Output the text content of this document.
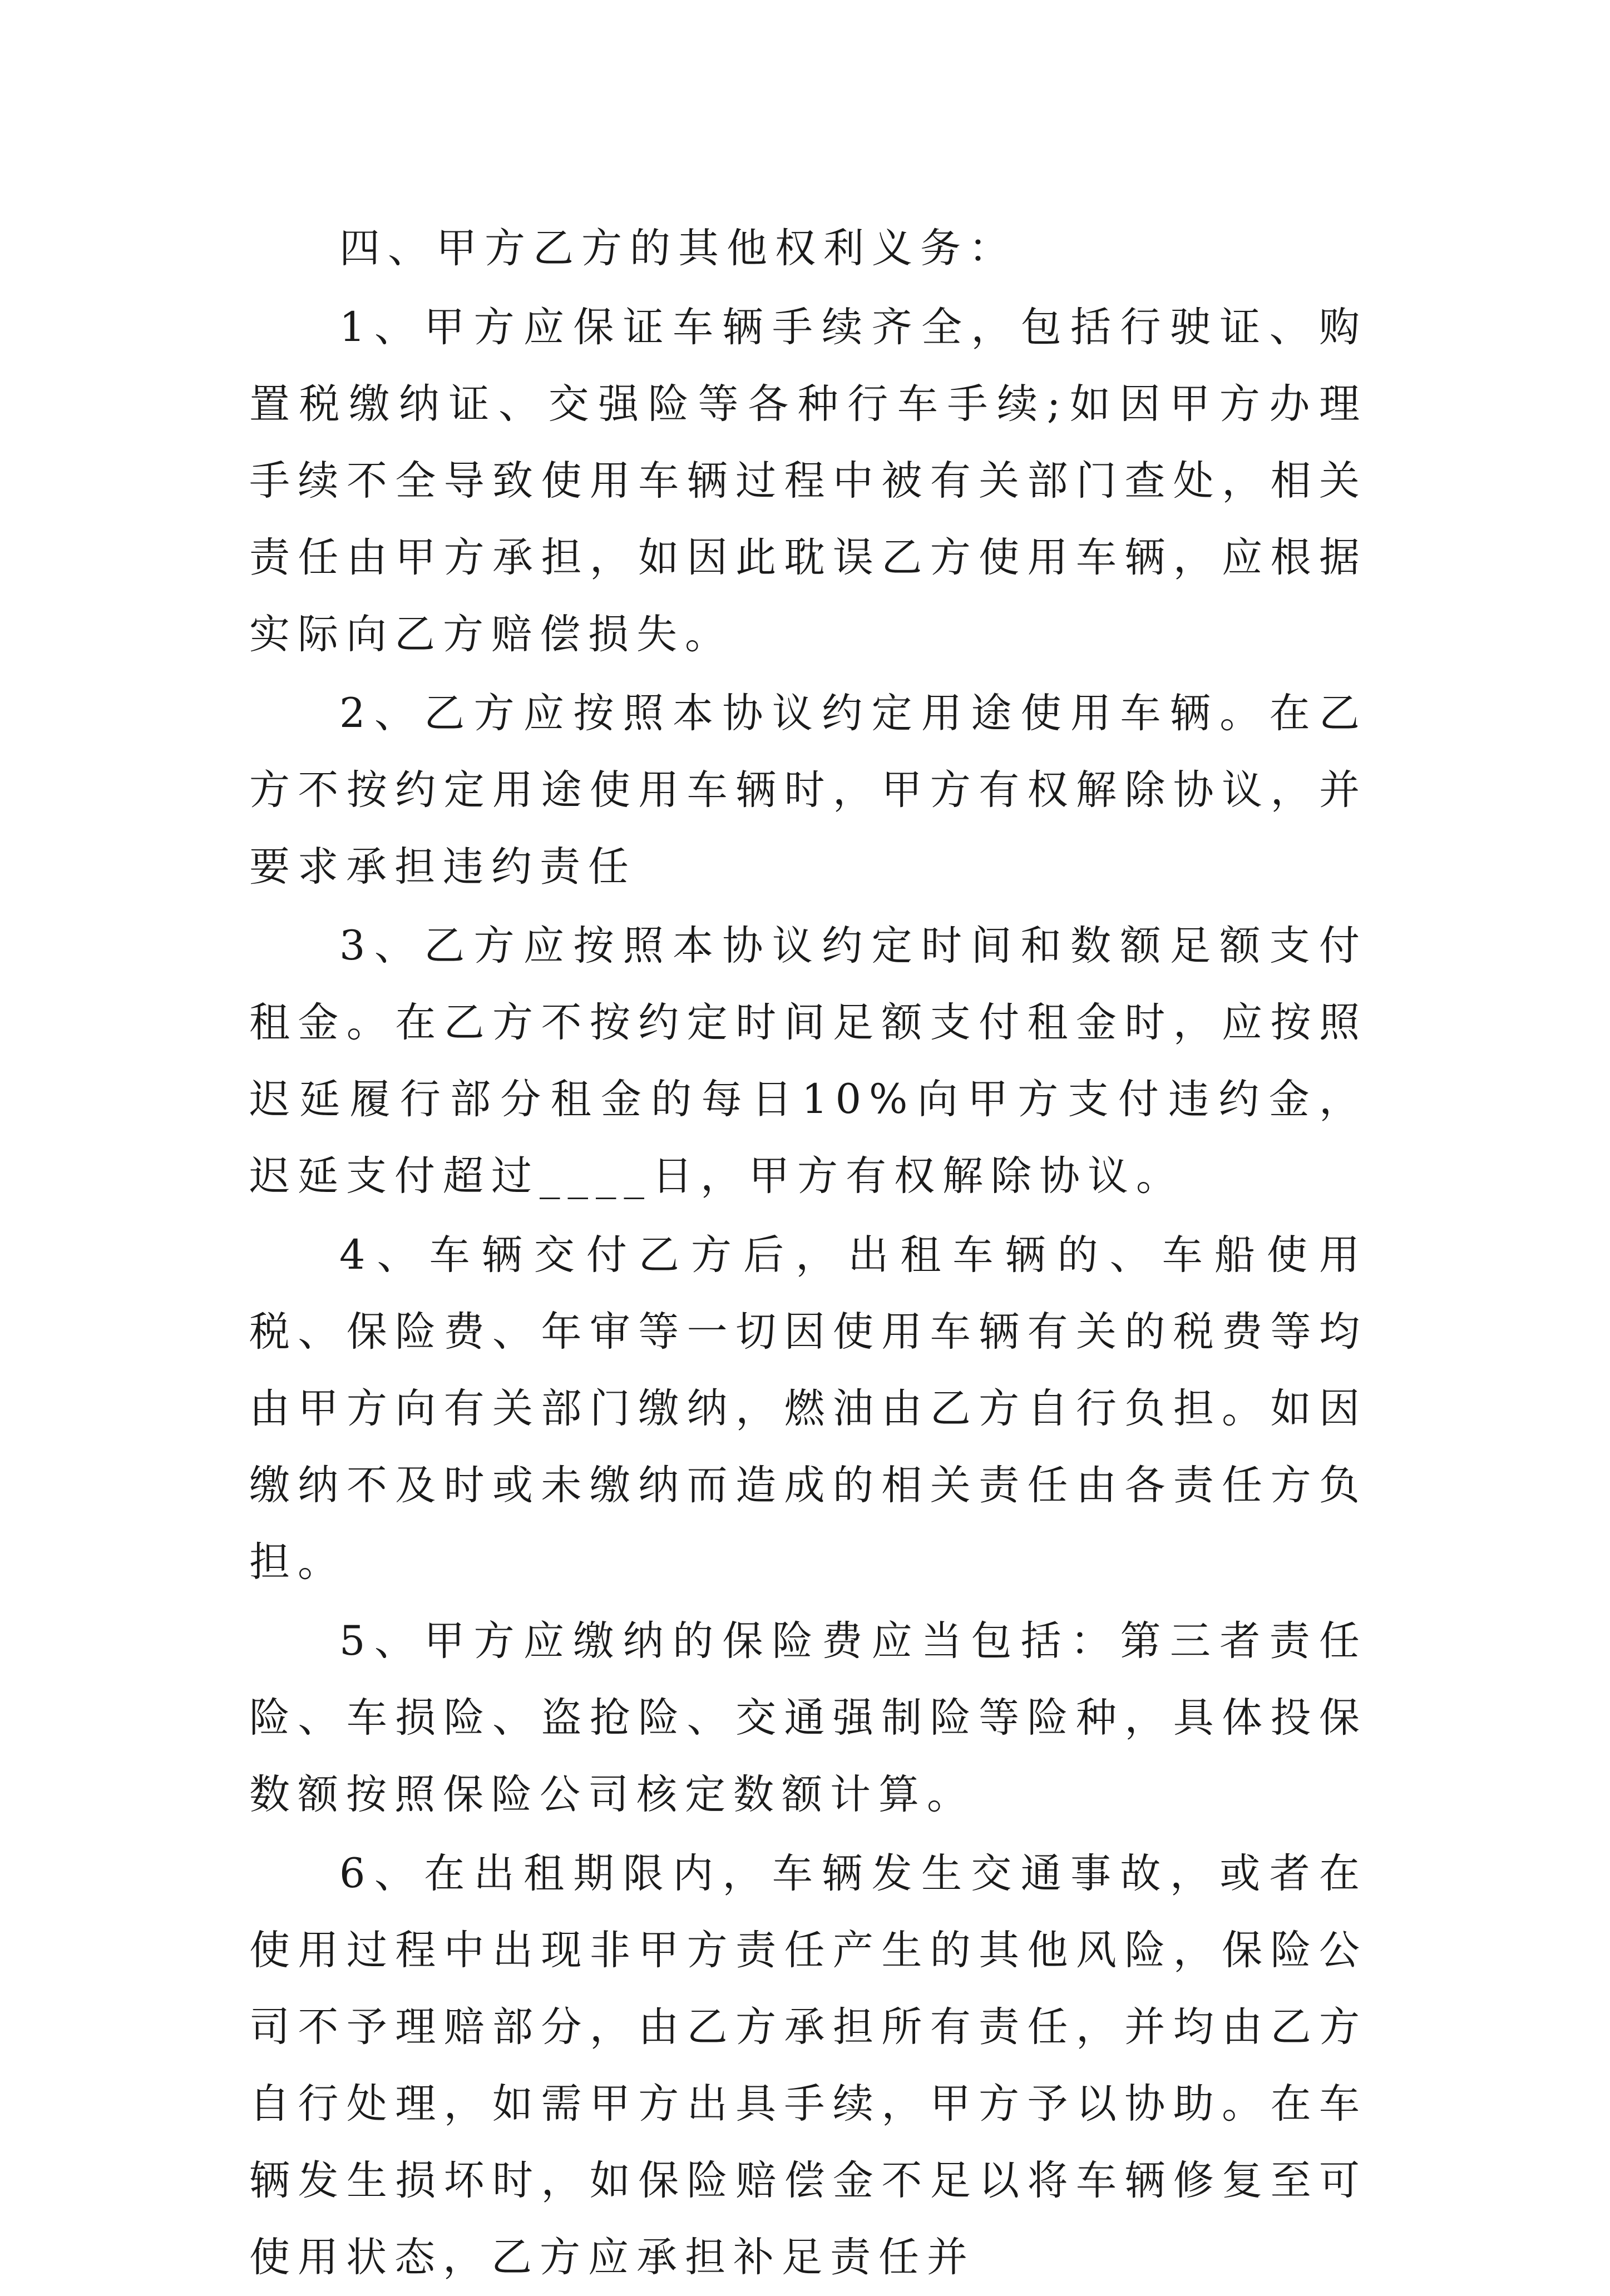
四、甲方乙方的其他权利义务：

1、甲方应保证车辆手续齐全，包括行驶证、购置税缴纳证、交强险等各种行车手续;如因甲方办理手续不全导致使用车辆过程中被有关部门查处，相关责任由甲方承担，如因此耽误乙方使用车辆，应根据实际向乙方赔偿损失。

2、乙方应按照本协议约定用途使用车辆。在乙方不按约定用途使用车辆时，甲方有权解除协议，并要求承担违约责任

3、乙方应按照本协议约定时间和数额足额支付租金。在乙方不按约定时间足额支付租金时，应按照迟延履行部分租金的每日10%向甲方支付违约金，迟延支付超过____日，甲方有权解除协议。

4、车辆交付乙方后，出租车辆的、车船使用税、保险费、年审等一切因使用车辆有关的税费等均由甲方向有关部门缴纳，燃油由乙方自行负担。如因缴纳不及时或未缴纳而造成的相关责任由各责任方负担。

5、甲方应缴纳的保险费应当包括：第三者责任险、车损险、盗抢险、交通强制险等险种，具体投保数额按照保险公司核定数额计算。

6、在出租期限内，车辆发生交通事故，或者在使用过程中出现非甲方责任产生的其他风险，保险公司不予理赔部分，由乙方承担所有责任，并均由乙方自行处理，如需甲方出具手续，甲方予以协助。在车辆发生损坏时，如保险赔偿金不足以将车辆修复至可使用状态，乙方应承担补足责任并
